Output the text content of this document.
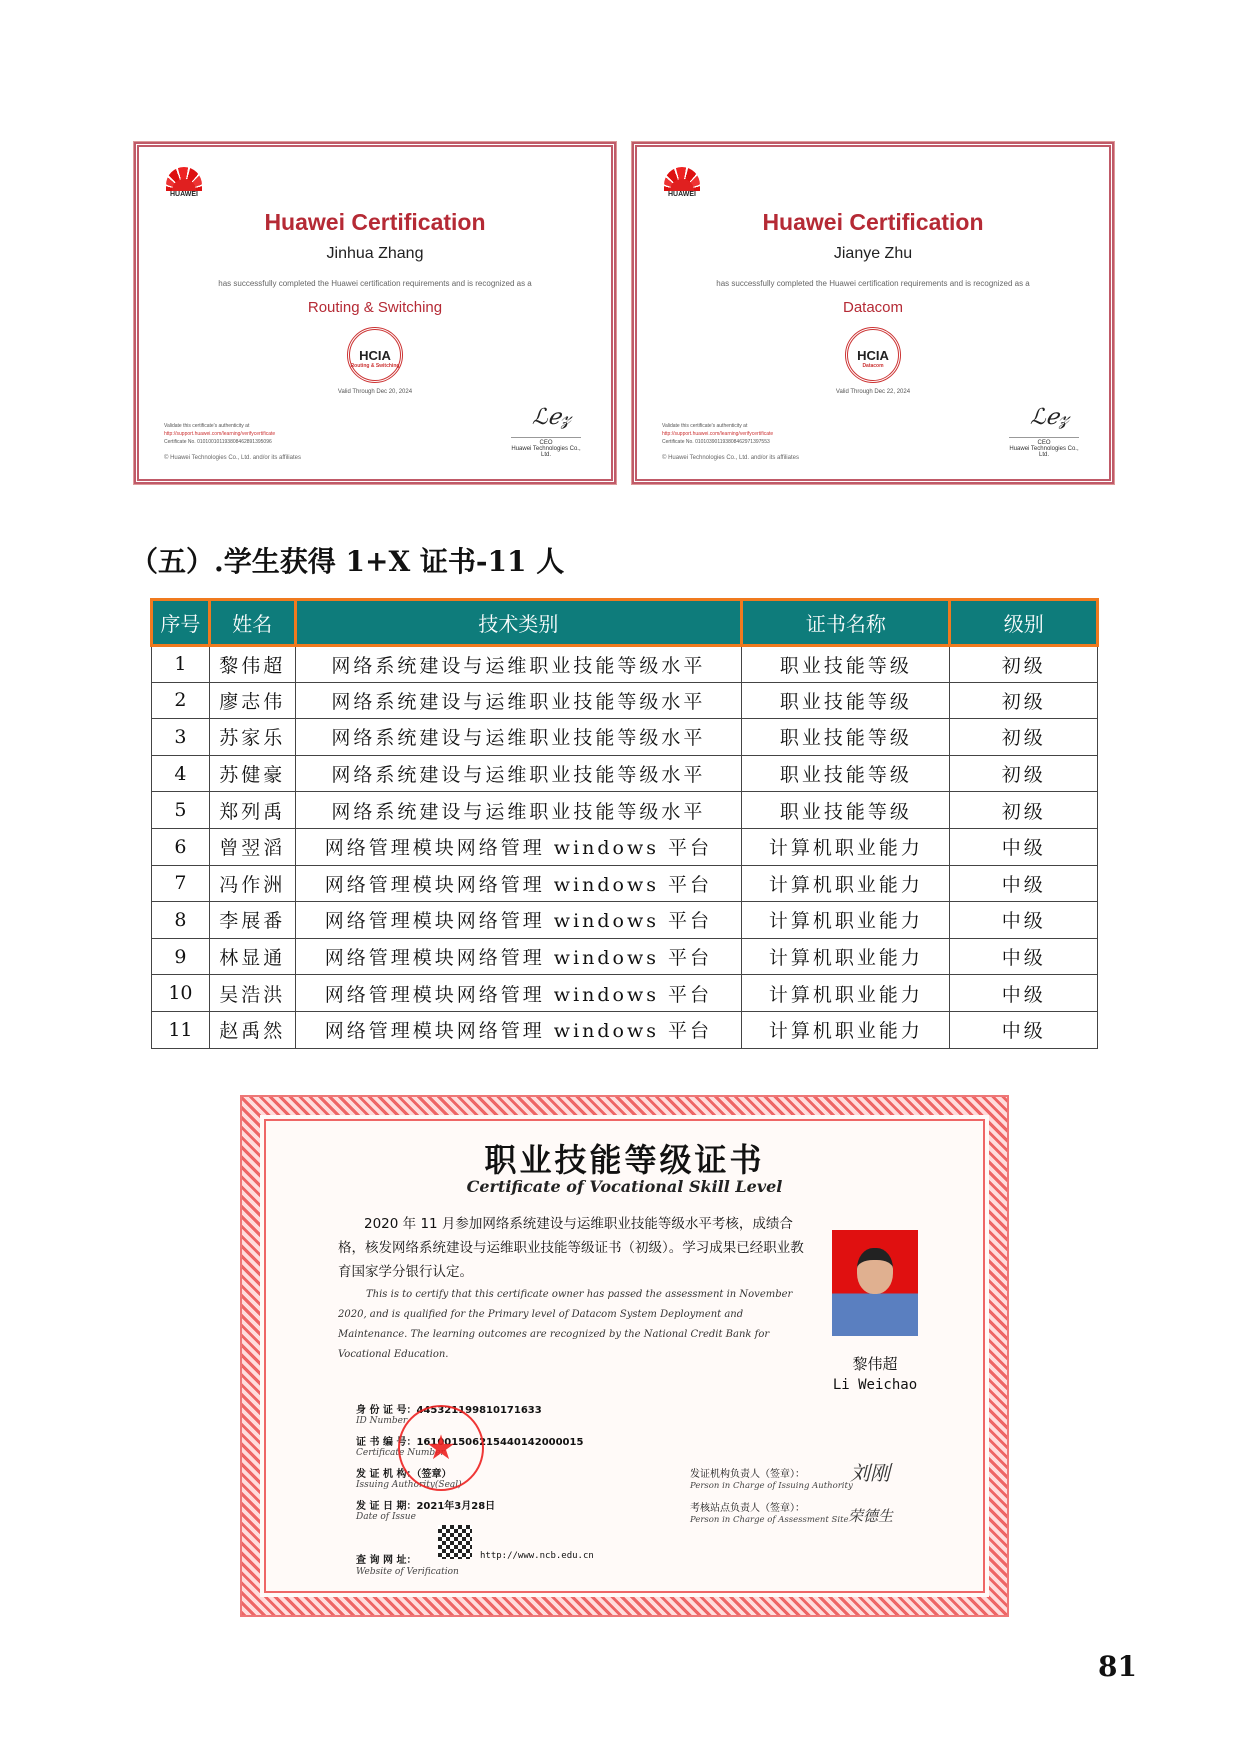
HUAWEI
Huawei Certification
Jinhua Zhang
has successfully completed the Huawei certification requirements and is recognized as a
Routing & Switching
HCIA
Routing & Switching
Valid Through Dec 20, 2024
Validate this certificate's authenticity at
http://support.huawei.com/learning/verifycertificate
Certificate No. 0101001011938084628913950​96
© Huawei Technologies Co., Ltd. and/or its affiliates
ℒℯ𝓏
CEO
Huawei Technologies Co., Ltd.
HUAWEI
Huawei Certification
Jianye Zhu
has successfully completed the Huawei certification requirements and is recognized as a
Datacom
HCIA
Datacom
Valid Through Dec 22, 2024
Validate this certificate's authenticity at
http://support.huawei.com/learning/verifycertificate
Certificate No. 010103901193808462971397553
© Huawei Technologies Co., Ltd. and/or its affiliates
ℒℯ𝓏
CEO
Huawei Technologies Co., Ltd.
（五）.学生获得 1+X 证书-11 人
序号	姓名	技术类别	证书名称	级别
1	黎伟超	网络系统建设与运维职业技能等级水平	职业技能等级	初级
2	廖志伟	网络系统建设与运维职业技能等级水平	职业技能等级	初级
3	苏家乐	网络系统建设与运维职业技能等级水平	职业技能等级	初级
4	苏健豪	网络系统建设与运维职业技能等级水平	职业技能等级	初级
5	郑列禹	网络系统建设与运维职业技能等级水平	职业技能等级	初级
6	曾翌滔	网络管理模块网络管理 windows 平台	计算机职业能力	中级
7	冯作洲	网络管理模块网络管理 windows 平台	计算机职业能力	中级
8	李展番	网络管理模块网络管理 windows 平台	计算机职业能力	中级
9	林显通	网络管理模块网络管理 windows 平台	计算机职业能力	中级
10	吴浩洪	网络管理模块网络管理 windows 平台	计算机职业能力	中级
11	赵禹然	网络管理模块网络管理 windows 平台	计算机职业能力	中级
职业技能等级证书
Certificate of Vocational Skill Level
2020 年 11 月参加网络系统建设与运维职业技能等级水平考核，成绩合格，核发网络系统建设与运维职业技能等级证书（初级）。学习成果已经职业教育国家学分银行认定。
This is to certify that this certificate owner has passed the assessment in November 2020, and is qualified for the Primary level of Datacom System Deployment and Maintenance. The learning outcomes are recognized by the National Credit Bank for Vocational Education.
黎伟超
Li Weichao
身 份 证 号：445321199810171633
ID Number
证 书 编 号：16100150621544014200​0015
Certificate Number
发 证 机 构：（签章）
Issuing Authority(Seal)
发 证 日 期：2021年3月28日
Date of Issue
★
查 询 网 址：	http://www.ncb.edu.cn
Website of Verification
发证机构负责人（签章）：
Person in Charge of Issuing Authority
考核站点负责人（签章）：
Person in Charge of Assessment Site
刘刚
荣德生
81
